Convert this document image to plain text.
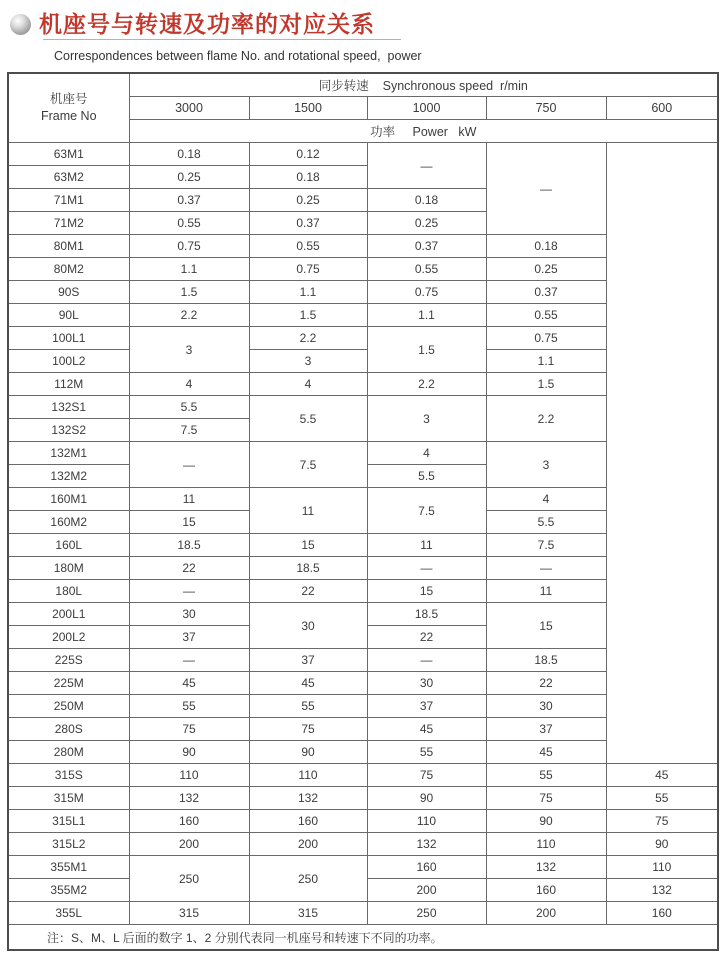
机座号与转速及功率的对应关系
Correspondences between flame No. and rotational speed,  power
机座号
Frame No	同步转速    Synchronous speed  r/min				
	3000	1500	1000	750	600
	功率     Power   kW				
63M1	0.18	0.12	—	—	
63M2	0.25	0.18			
71M1	0.37	0.25	0.18		
71M2	0.55	0.37	0.25		
80M1	0.75	0.55	0.37	0.18	
80M2	1.1	0.75	0.55	0.25	
90S	1.5	1.1	0.75	0.37	
90L	2.2	1.5	1.1	0.55	
100L1	3	2.2	1.5	0.75	
100L2		3		1.1	
112M	4	4	2.2	1.5	
132S1	5.5	5.5	3	2.2	
132S2	7.5				
132M1	—	7.5	4	3	
132M2			5.5		
160M1	11	11	7.5	4	
160M2	15			5.5	
160L	18.5	15	11	7.5	
180M	22	18.5	—	—	
180L	—	22	15	11	
200L1	30	30	18.5	15	
200L2	37		22		
225S	—	37	—	18.5	
225M	45	45	30	22	
250M	55	55	37	30	
280S	75	75	45	37	
280M	90	90	55	45	
315S	110	110	75	55	45
315M	132	132	90	75	55
315L1	160	160	110	90	75
315L2	200	200	132	110	90
355M1	250	250	160	132	110
355M2			200	160	132
355L	315	315	250	200	160
注：S、M、L 后面的数字 1、2 分别代表同一机座号和转速下不同的功率。					
